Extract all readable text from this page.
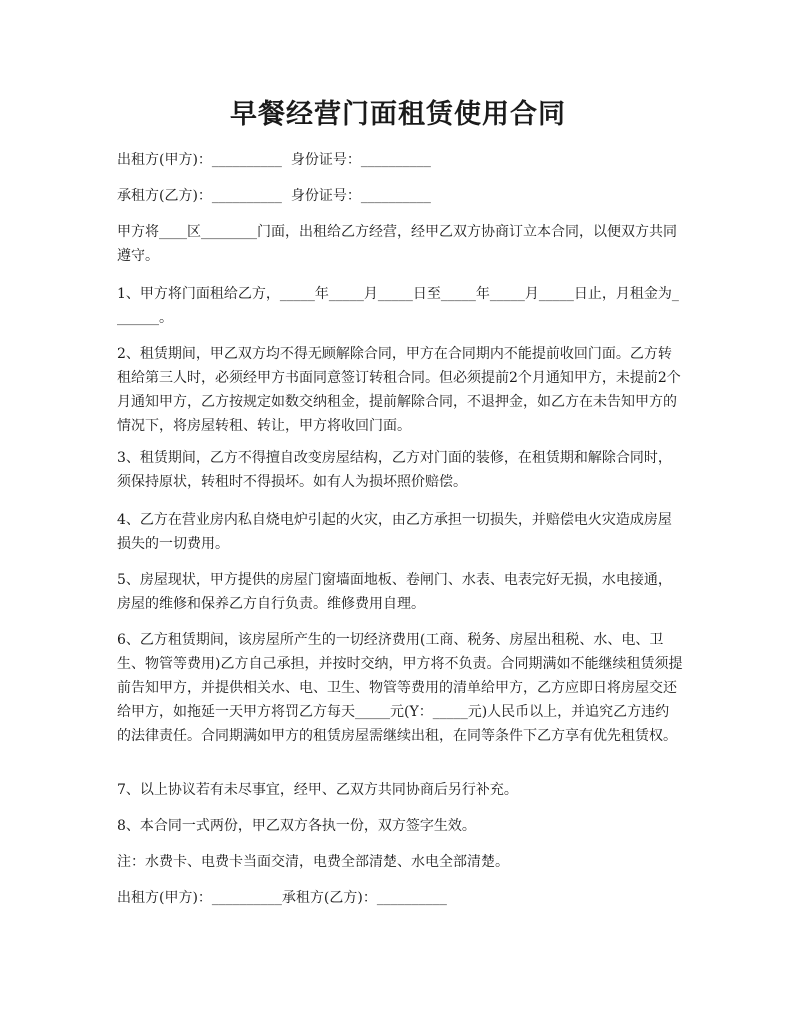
早餐经营门面租赁使用合同

出租方(甲方)：__________  身份证号：__________

承租方(乙方)：__________  身份证号：__________

甲方将____区________门面，出租给乙方经营，经甲乙双方协商订立本合同，以便双方共同遵守。

1、甲方将门面租给乙方，_____年_____月_____日至_____年_____月_____日止，月租金为_______。

2、租赁期间，甲乙双方均不得无顾解除合同，甲方在合同期内不能提前收回门面。乙方转租给第三人时，必须经甲方书面同意签订转租合同。但必须提前2个月通知甲方，未提前2个月通知甲方，乙方按规定如数交纳租金，提前解除合同，不退押金，如乙方在未告知甲方的情况下，将房屋转租、转让，甲方将收回门面。

3、租赁期间，乙方不得擅自改变房屋结构，乙方对门面的装修，在租赁期和解除合同时，须保持原状，转租时不得损坏。如有人为损坏照价赔偿。

4、乙方在营业房内私自烧电炉引起的火灾，由乙方承担一切损失，并赔偿电火灾造成房屋损失的一切费用。

5、房屋现状，甲方提供的房屋门窗墙面地板、卷闸门、水表、电表完好无损，水电接通，房屋的维修和保养乙方自行负责。维修费用自理。

6、乙方租赁期间，该房屋所产生的一切经济费用(工商、税务、房屋出租税、水、电、卫生、物管等费用)乙方自己承担，并按时交纳，甲方将不负责。合同期满如不能继续租赁须提前告知甲方，并提供相关水、电、卫生、物管等费用的清单给甲方，乙方应即日将房屋交还给甲方，如拖延一天甲方将罚乙方每天_____元(Y：_____元)人民币以上，并追究乙方违约的法律责任。合同期满如甲方的租赁房屋需继续出租，在同等条件下乙方享有优先租赁权。

7、以上协议若有未尽事宜，经甲、乙双方共同协商后另行补充。

8、本合同一式两份，甲乙双方各执一份，双方签字生效。

注：水费卡、电费卡当面交清，电费全部清楚、水电全部清楚。

出租方(甲方)：__________承租方(乙方)：__________
